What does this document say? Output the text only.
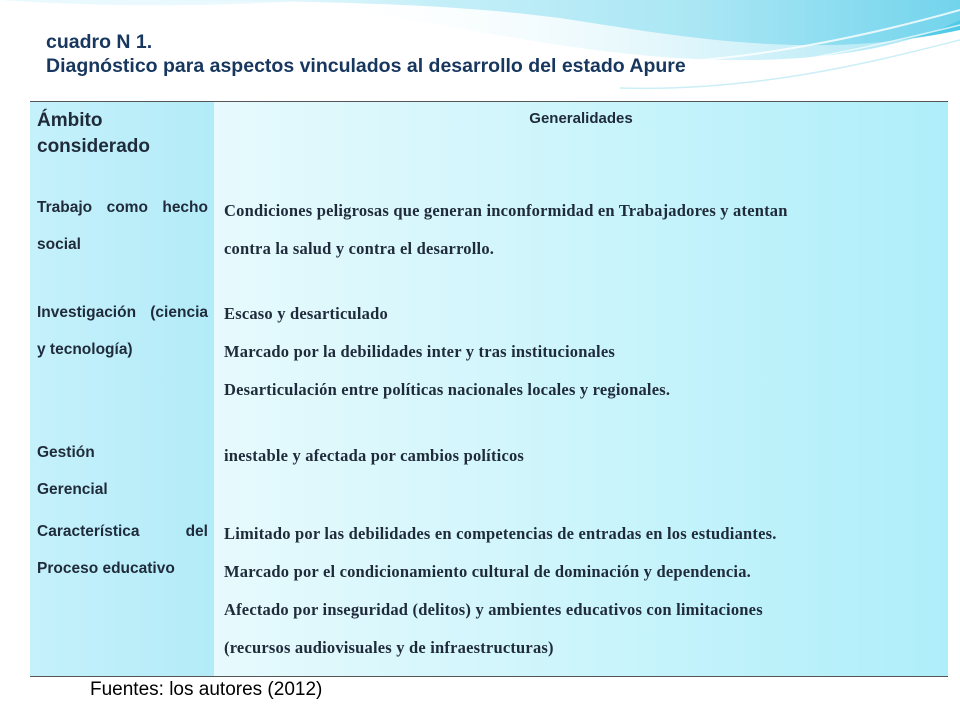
cuadro N 1.
Diagnóstico para aspectos vinculados al desarrollo del estado Apure
Ámbito considerado
Generalidades
Trabajo como hecho social
Condiciones peligrosas que generan inconformidad en Trabajadores y atentan
contra la salud y contra el desarrollo.
Investigación (ciencia y tecnología)
Escaso y desarticulado
Marcado por la debilidades inter y tras institucionales
Desarticulación entre políticas nacionales locales y regionales.
Gestión Gerencial
inestable y afectada por cambios políticos
Característica del Proceso educativo
Limitado por las debilidades en competencias de entradas en los estudiantes.
Marcado por el condicionamiento cultural de dominación y dependencia.
Afectado por inseguridad (delitos) y ambientes educativos con limitaciones
(recursos audiovisuales y de infraestructuras)
Fuentes: los autores (2012)
